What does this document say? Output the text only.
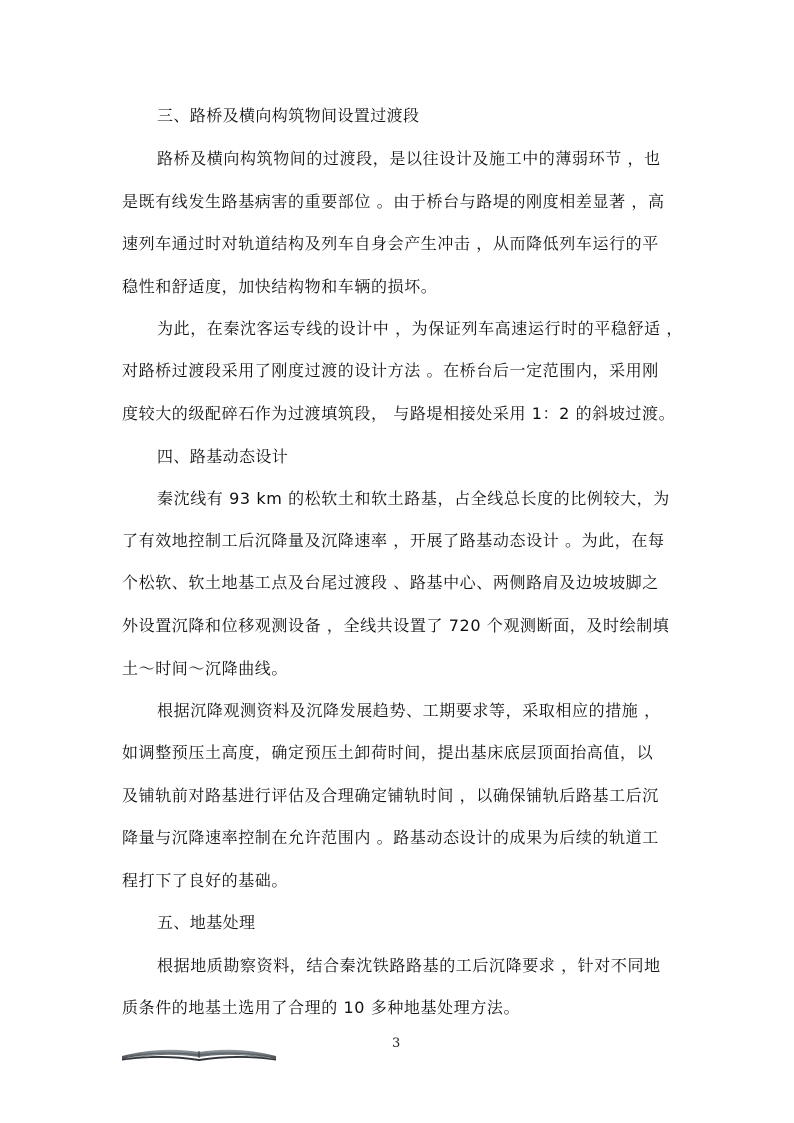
三、路桥及横向构筑物间设置过渡段
路桥及横向构筑物间的过渡段，是以往设计及施工中的薄弱环节 ，也
是既有线发生路基病害的重要部位 。由于桥台与路堤的刚度相差显著 ，高
速列车通过时对轨道结构及列车自身会产生冲击 ，从而降低列车运行的平
稳性和舒适度，加快结构物和车辆的损坏。
为此，在秦沈客运专线的设计中 ，为保证列车高速运行时的平稳舒适 ，
对路桥过渡段采用了刚度过渡的设计方法 。在桥台后一定范围内，采用刚
度较大的级配碎石作为过渡填筑段， 与路堤相接处采用 1：2 的斜坡过渡。
四、路基动态设计
秦沈线有 93 km 的松软土和软土路基，占全线总长度的比例较大，为
了有效地控制工后沉降量及沉降速率 ，开展了路基动态设计 。为此，在每
个松软、软土地基工点及台尾过渡段 、路基中心、两侧路肩及边坡坡脚之
外设置沉降和位移观测设备 ，全线共设置了 720 个观测断面，及时绘制填
土～时间～沉降曲线。
根据沉降观测资料及沉降发展趋势、工期要求等，采取相应的措施 ，
如调整预压土高度，确定预压土卸荷时间，提出基床底层顶面抬高值，以
及铺轨前对路基进行评估及合理确定铺轨时间 ，以确保铺轨后路基工后沉
降量与沉降速率控制在允许范围内 。路基动态设计的成果为后续的轨道工
程打下了良好的基础。
五、地基处理
根据地质勘察资料，结合秦沈铁路路基的工后沉降要求 ，针对不同地
质条件的地基土选用了合理的 10 多种地基处理方法。
3
